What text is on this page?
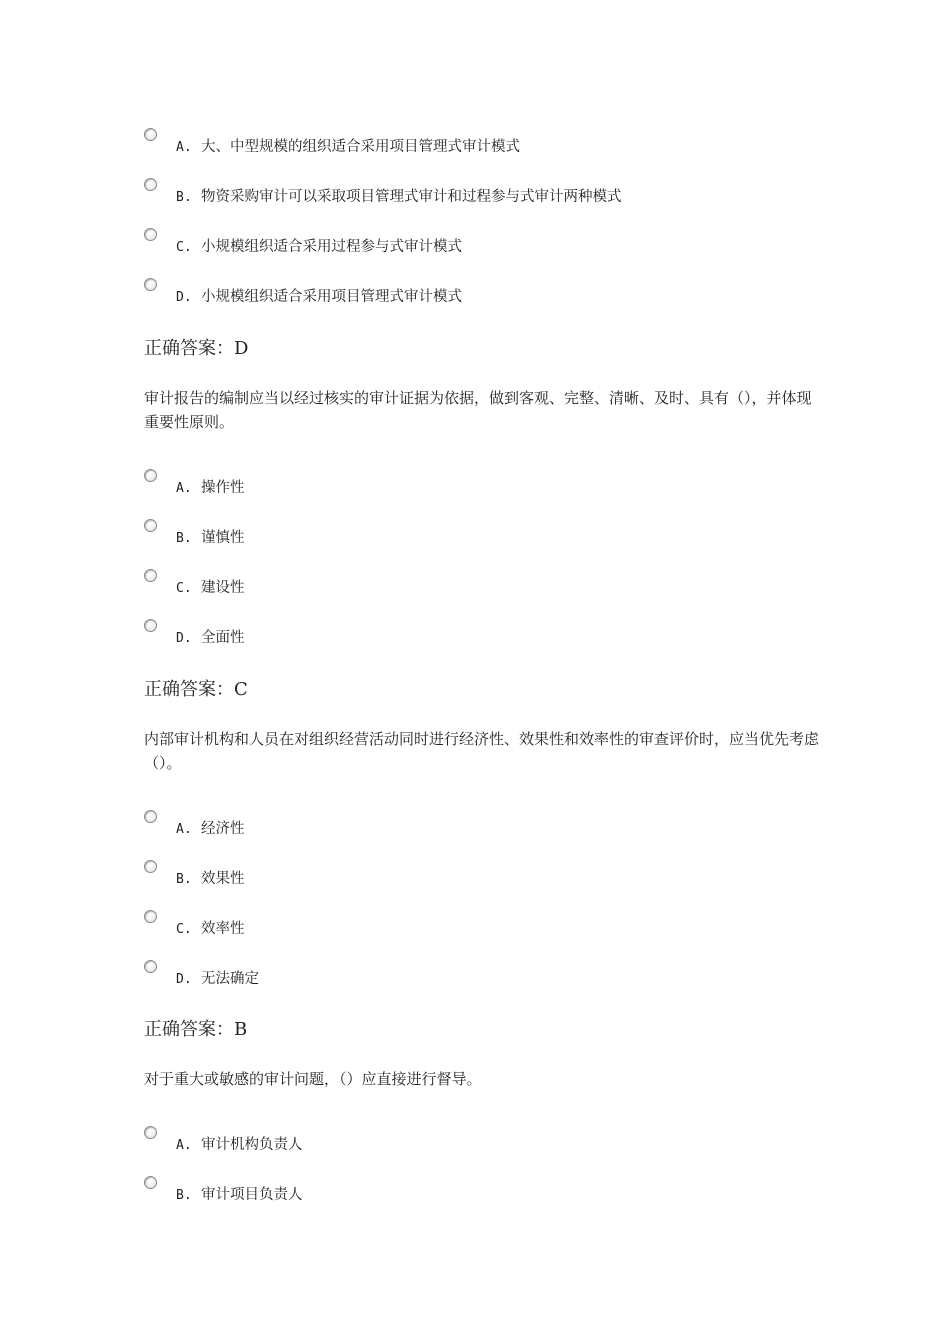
A. 大、中型规模的组织适合采用项目管理式审计模式
B. 物资采购审计可以采取项目管理式审计和过程参与式审计两种模式
C. 小规模组织适合采用过程参与式审计模式
D. 小规模组织适合采用项目管理式审计模式
正确答案：D
审计报告的编制应当以经过核实的审计证据为依据，做到客观、完整、清晰、及时、具有（），并体现重要性原则。
A. 操作性
B. 谨慎性
C. 建设性
D. 全面性
正确答案：C
内部审计机构和人员在对组织经营活动同时进行经济性、效果性和效率性的审查评价时，应当优先考虑（）。
A. 经济性
B. 效果性
C. 效率性
D. 无法确定
正确答案：B
对于重大或敏感的审计问题，（）应直接进行督导。
A. 审计机构负责人
B. 审计项目负责人
